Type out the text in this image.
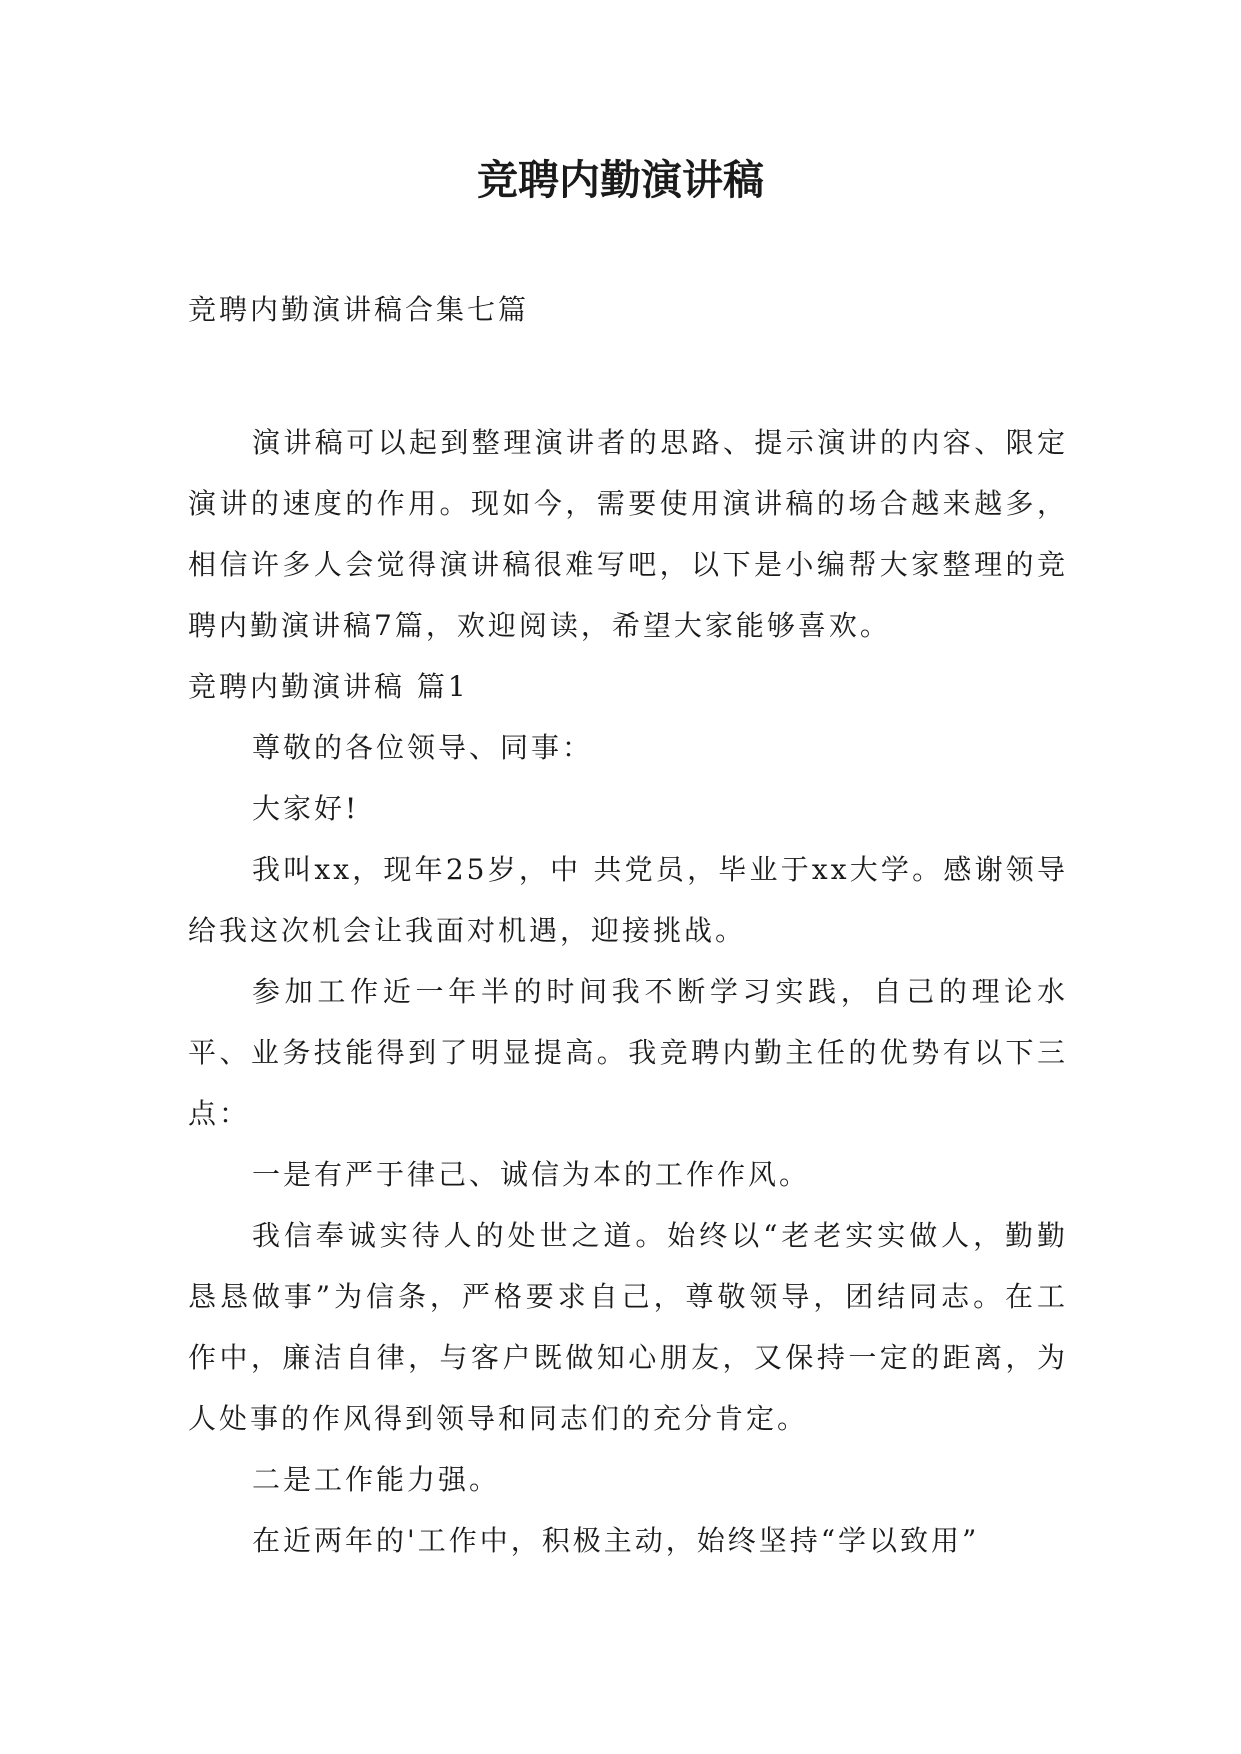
竞聘内勤演讲稿

竞聘内勤演讲稿合集七篇

演讲稿可以起到整理演讲者的思路、提示演讲的内容、限定演讲的速度的作用。现如今，需要使用演讲稿的场合越来越多，相信许多人会觉得演讲稿很难写吧，以下是小编帮大家整理的竞聘内勤演讲稿7篇，欢迎阅读，希望大家能够喜欢。

竞聘内勤演讲稿 篇1

尊敬的各位领导、同事：

大家好!

我叫xx，现年25岁，中 共党员，毕业于xx大学。感谢领导给我这次机会让我面对机遇，迎接挑战。

参加工作近一年半的时间我不断学习实践，自己的理论水平、业务技能得到了明显提高。我竞聘内勤主任的优势有以下三点：

一是有严于律己、诚信为本的工作作风。

我信奉诚实待人的处世之道。始终以“老老实实做人，勤勤恳恳做事”为信条，严格要求自己，尊敬领导，团结同志。在工作中，廉洁自律，与客户既做知心朋友，又保持一定的距离，为人处事的作风得到领导和同志们的充分肯定。

二是工作能力强。

在近两年的'工作中，积极主动，始终坚持“学以致用”
